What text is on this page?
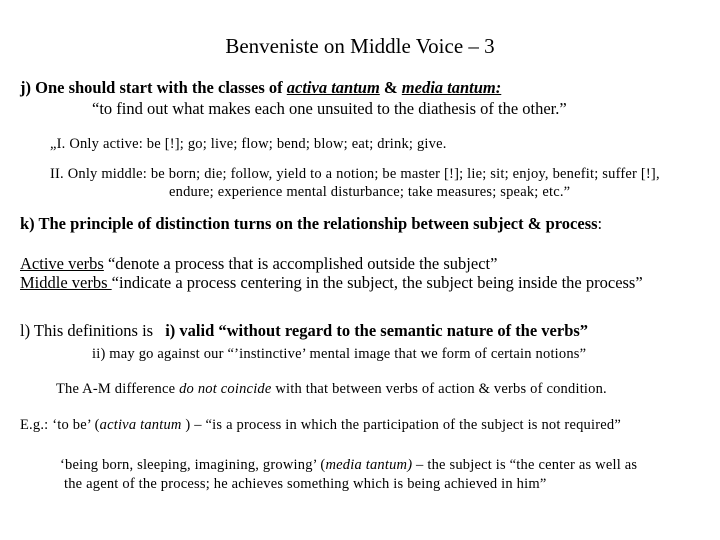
Benveniste on Middle Voice – 3
j) One should start with the classes of activa tantum & media tantum:
“to find out what makes each one unsuited to the diathesis of the other.”
„I. Only active: be [!]; go; live; flow; bend; blow; eat; drink; give.
II. Only middle: be born; die; follow, yield to a notion; be master [!]; lie; sit; enjoy, benefit; suffer [!],
endure; experience mental disturbance; take measures; speak; etc.”
k) The principle of distinction turns on the relationship between subject & process:
Active verbs “denote a process that is accomplished outside the subject”
Middle verbs “indicate a process centering in the subject, the subject being inside the process”
l) This definitions is i) valid “without regard to the semantic nature of the verbs”
ii) may go against our “’instinctive’ mental image that we form of certain notions”
The A-M difference do not coincide with that between verbs of action & verbs of condition.
E.g.: ‘to be’ (activa tantum ) – “is a process in which the participation of the subject is not required”
‘being born, sleeping, imagining, growing’ (media tantum) – the subject is “the center as well as
the agent of the process; he achieves something which is being achieved in him”
